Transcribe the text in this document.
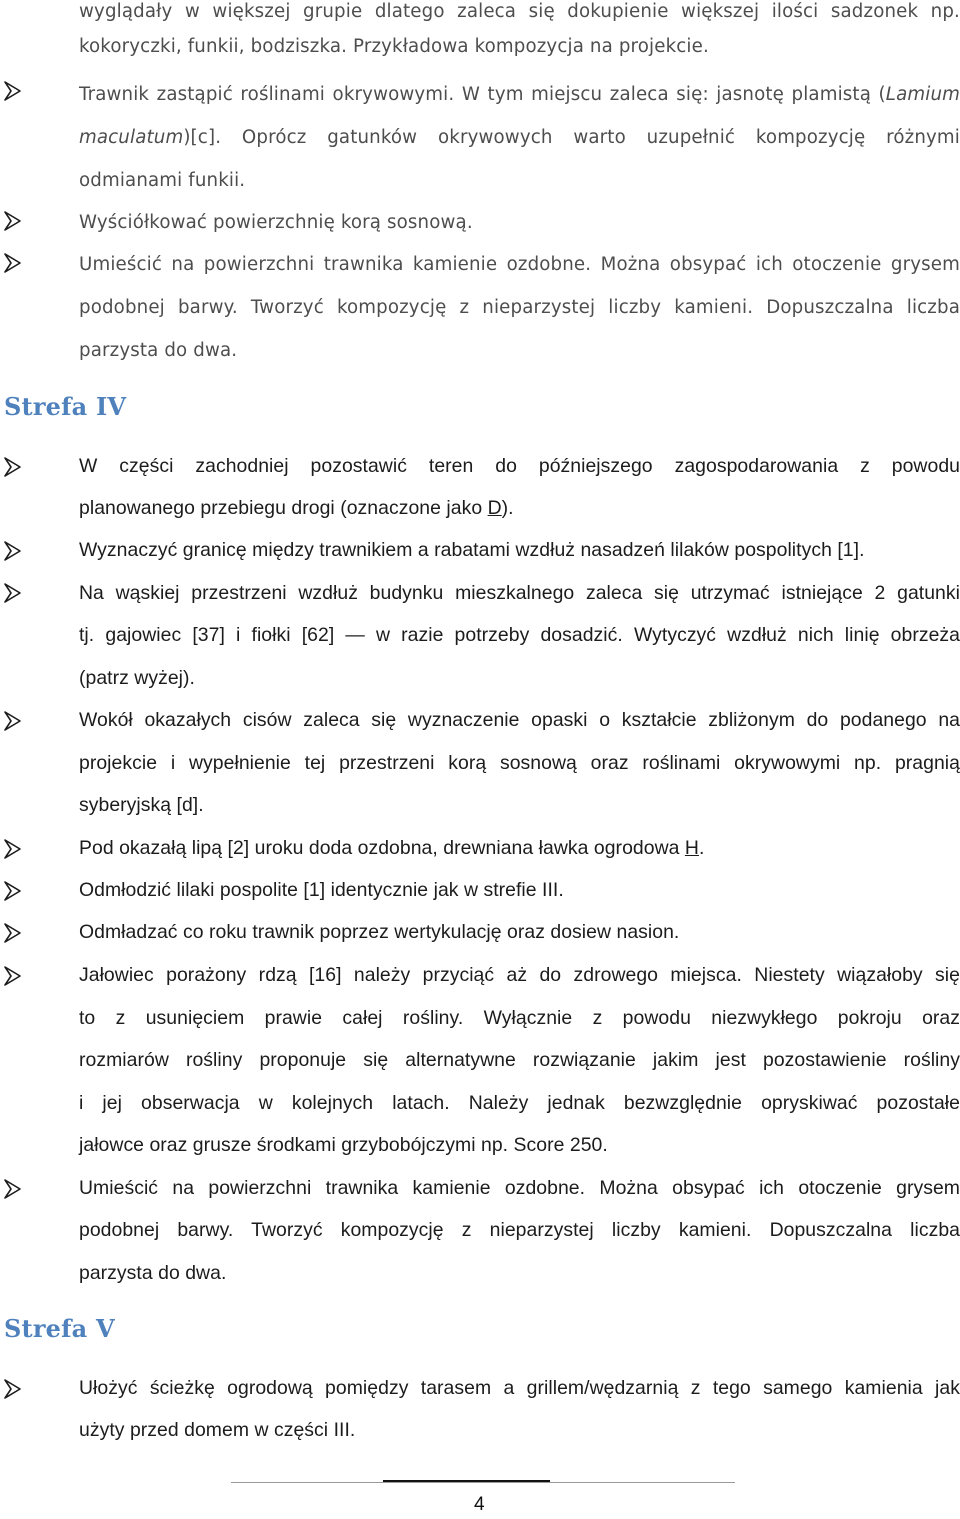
wyglądały w większej grupie dlatego zaleca się dokupienie większej ilości sadzonek np.
kokoryczki, funkii, bodziszka. Przykładowa kompozycja na projekcie.
Trawnik zastąpić roślinami okrywowymi. W tym miejscu zaleca się: jasnotę plamistą (Lamium
maculatum)[c]. Oprócz gatunków okrywowych warto uzupełnić kompozycję różnymi
odmianami funkii.
Wyściółkować powierzchnię korą sosnową.
Umieścić na powierzchni trawnika kamienie ozdobne. Można obsypać ich otoczenie grysem
podobnej barwy. Tworzyć kompozycję z nieparzystej liczby kamieni. Dopuszczalna liczba
parzysta do dwa.
Strefa IV
W części zachodniej pozostawić teren do późniejszego zagospodarowania z powodu
planowanego przebiegu drogi (oznaczone jako D).
Wyznaczyć granicę między trawnikiem a rabatami wzdłuż nasadzeń lilaków pospolitych [1].
Na wąskiej przestrzeni wzdłuż budynku mieszkalnego zaleca się utrzymać istniejące 2 gatunki
tj. gajowiec [37] i fiołki [62] — w razie potrzeby dosadzić. Wytyczyć wzdłuż nich linię obrzeża
(patrz wyżej).
Wokół okazałych cisów zaleca się wyznaczenie opaski o kształcie zbliżonym do podanego na
projekcie i wypełnienie tej przestrzeni korą sosnową oraz roślinami okrywowymi np. pragnią
syberyjską [d].
Pod okazałą lipą [2] uroku doda ozdobna, drewniana ławka ogrodowa H.
Odmłodzić lilaki pospolite [1] identycznie jak w strefie III.
Odmładzać co roku trawnik poprzez wertykulację oraz dosiew nasion.
Jałowiec porażony rdzą [16] należy przyciąć aż do zdrowego miejsca. Niestety wiązałoby się
to z usunięciem prawie całej rośliny. Wyłącznie z powodu niezwykłego pokroju oraz
rozmiarów rośliny proponuje się alternatywne rozwiązanie jakim jest pozostawienie rośliny
i jej obserwacja w kolejnych latach. Należy jednak bezwzględnie opryskiwać pozostałe
jałowce oraz grusze środkami grzybobójczymi np. Score 250.
Umieścić na powierzchni trawnika kamienie ozdobne. Można obsypać ich otoczenie grysem
podobnej barwy. Tworzyć kompozycję z nieparzystej liczby kamieni. Dopuszczalna liczba
parzysta do dwa.
Strefa V
Ułożyć ścieżkę ogrodową pomiędzy tarasem a grillem/wędzarnią z tego samego kamienia jak
użyty przed domem w części III.
4
